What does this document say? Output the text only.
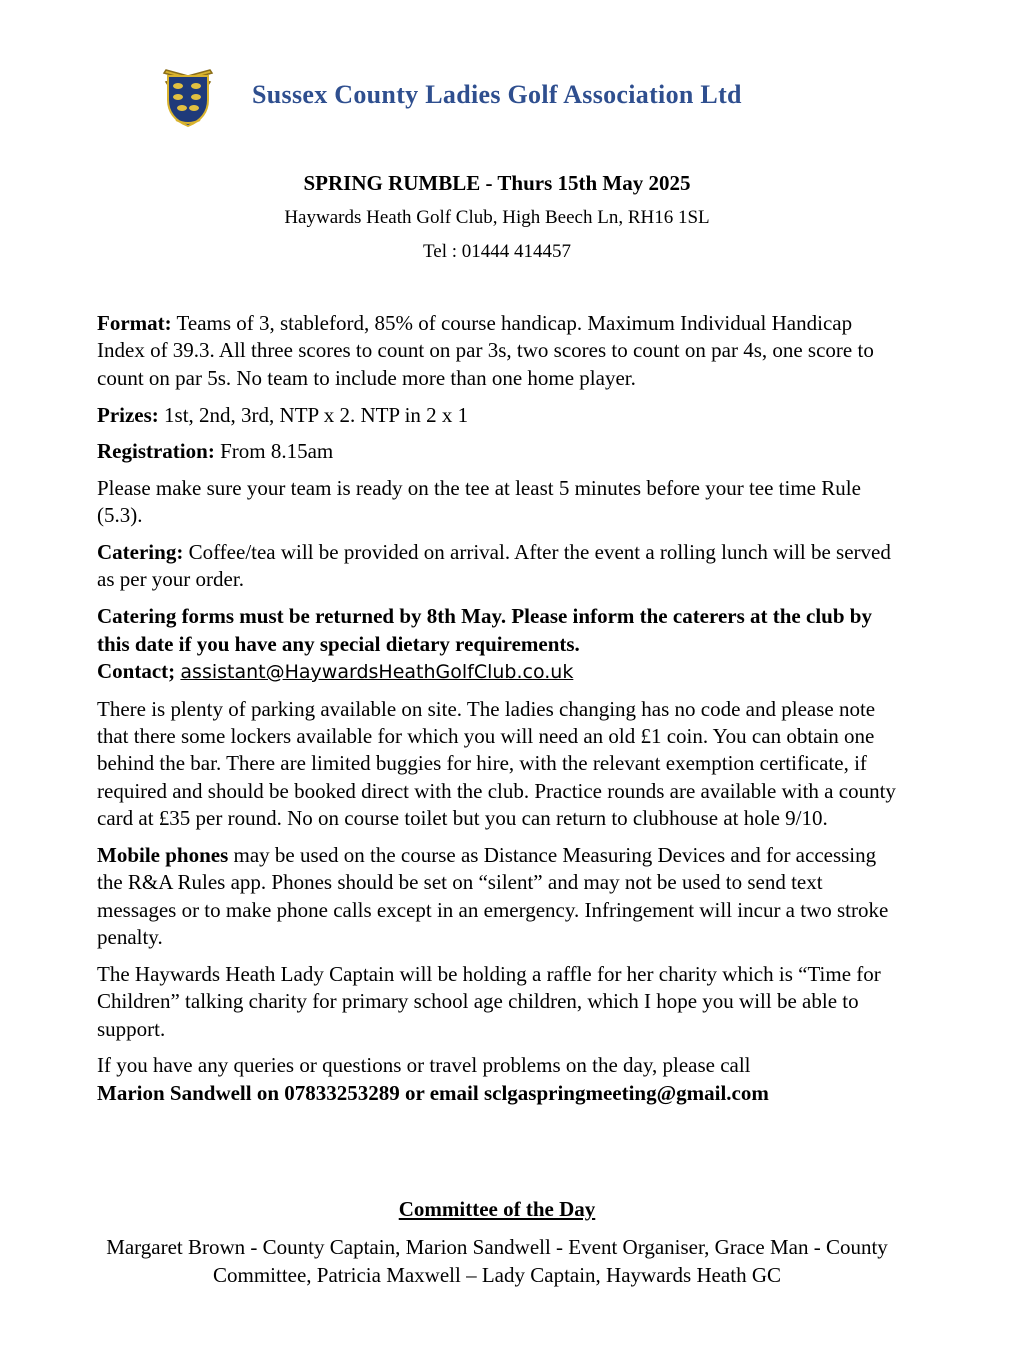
Sussex County Ladies Golf Association Ltd
SPRING RUMBLE - Thurs 15th May 2025
Haywards Heath Golf Club, High Beech Ln, RH16 1SL
Tel : 01444 414457

Format: Teams of 3, stableford, 85% of course handicap. Maximum Individual Handicap Index of 39.3. All three scores to count on par 3s, two scores to count on par 4s, one score to count on par 5s. No team to include more than one home player.

Prizes: 1st, 2nd, 3rd, NTP x 2. NTP in 2 x 1

Registration: From 8.15am

Please make sure your team is ready on the tee at least 5 minutes before your tee time Rule (5.3).

Catering: Coffee/tea will be provided on arrival. After the event a rolling lunch will be served as per your order.

Catering forms must be returned by 8th May. Please inform the caterers at the club by this date if you have any special dietary requirements.
Contact; assistant@HaywardsHeathGolfClub.co.uk

There is plenty of parking available on site. The ladies changing has no code and please note that there some lockers available for which you will need an old £1 coin. You can obtain one behind the bar. There are limited buggies for hire, with the relevant exemption certificate, if required and should be booked direct with the club. Practice rounds are available with a county card at £35 per round. No on course toilet but you can return to clubhouse at hole 9/10.

Mobile phones may be used on the course as Distance Measuring Devices and for accessing the R&A Rules app. Phones should be set on “silent” and may not be used to send text messages or to make phone calls except in an emergency. Infringement will incur a two stroke penalty.

The Haywards Heath Lady Captain will be holding a raffle for her charity which is “Time for Children” talking charity for primary school age children, which I hope you will be able to support.

If you have any queries or questions or travel problems on the day, please call
Marion Sandwell on 07833253289 or email sclgaspringmeeting@gmail.com

Committee of the Day
Margaret Brown - County Captain, Marion Sandwell - Event Organiser, Grace Man - County Committee, Patricia Maxwell – Lady Captain, Haywards Heath GC
